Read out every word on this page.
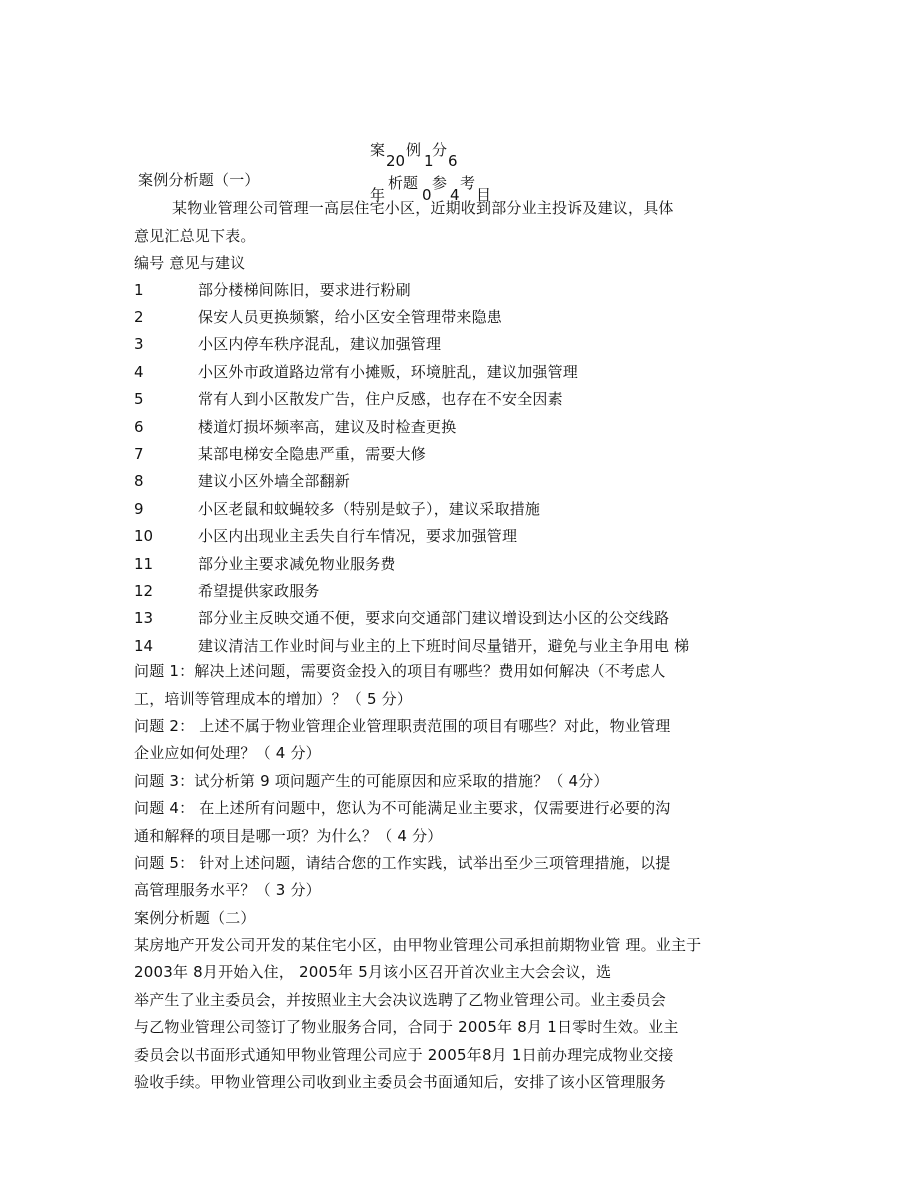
案
20
例
1
分
6
年
析题
0
参
4
考
目
案例分析题（一）
某物业管理公司管理一高层住宅小区，近期收到部分业主投诉及建议，具体
意见汇总见下表。
编号 意见与建议
1	部分楼梯间陈旧，要求进行粉刷
2	保安人员更换频繁，给小区安全管理带来隐患
3	小区内停车秩序混乱，建议加强管理
4	小区外市政道路边常有小摊贩，环境脏乱，建议加强管理
5	常有人到小区散发广告，住户反感，也存在不安全因素
6	楼道灯损坏频率高，建议及时检查更换
7	某部电梯安全隐患严重，需要大修
8	建议小区外墙全部翻新
9	小区老鼠和蚊蝇较多（特别是蚊子），建议采取措施
10	小区内出现业主丢失自行车情况，要求加强管理
11	部分业主要求减免物业服务费
12	希望提供家政服务
13	部分业主反映交通不便，要求向交通部门建议增设到达小区的公交线路
14	建议清洁工作业时间与业主的上下班时间尽量错开，避免与业主争用电 梯
问题 1：解决上述问题，需要资金投入的项目有哪些？费用如何解决（不考虑人
工，培训等管理成本的增加）？（ 5 分）
问题 2： 上述不属于物业管理企业管理职责范围的项目有哪些？对此，物业管理
企业应如何处理？（ 4 分）
问题 3：试分析第 9 项问题产生的可能原因和应采取的措施？（ 4分）
问题 4： 在上述所有问题中，您认为不可能满足业主要求，仅需要进行必要的沟
通和解释的项目是哪一项？为什么？（ 4 分）
问题 5： 针对上述问题，请结合您的工作实践，试举出至少三项管理措施，以提
高管理服务水平？（ 3 分）
案例分析题（二）
某房地产开发公司开发的某住宅小区，由甲物业管理公司承担前期物业管 理。业主于
2003年 8月开始入住， 2005年 5月该小区召开首次业主大会会议，选
举产生了业主委员会，并按照业主大会决议选聘了乙物业管理公司。业主委员会
与乙物业管理公司签订了物业服务合同，合同于 2005年 8月 1日零时生效。业主
委员会以书面形式通知甲物业管理公司应于 2005年8月 1日前办理完成物业交接
验收手续。甲物业管理公司收到业主委员会书面通知后，安排了该小区管理服务
